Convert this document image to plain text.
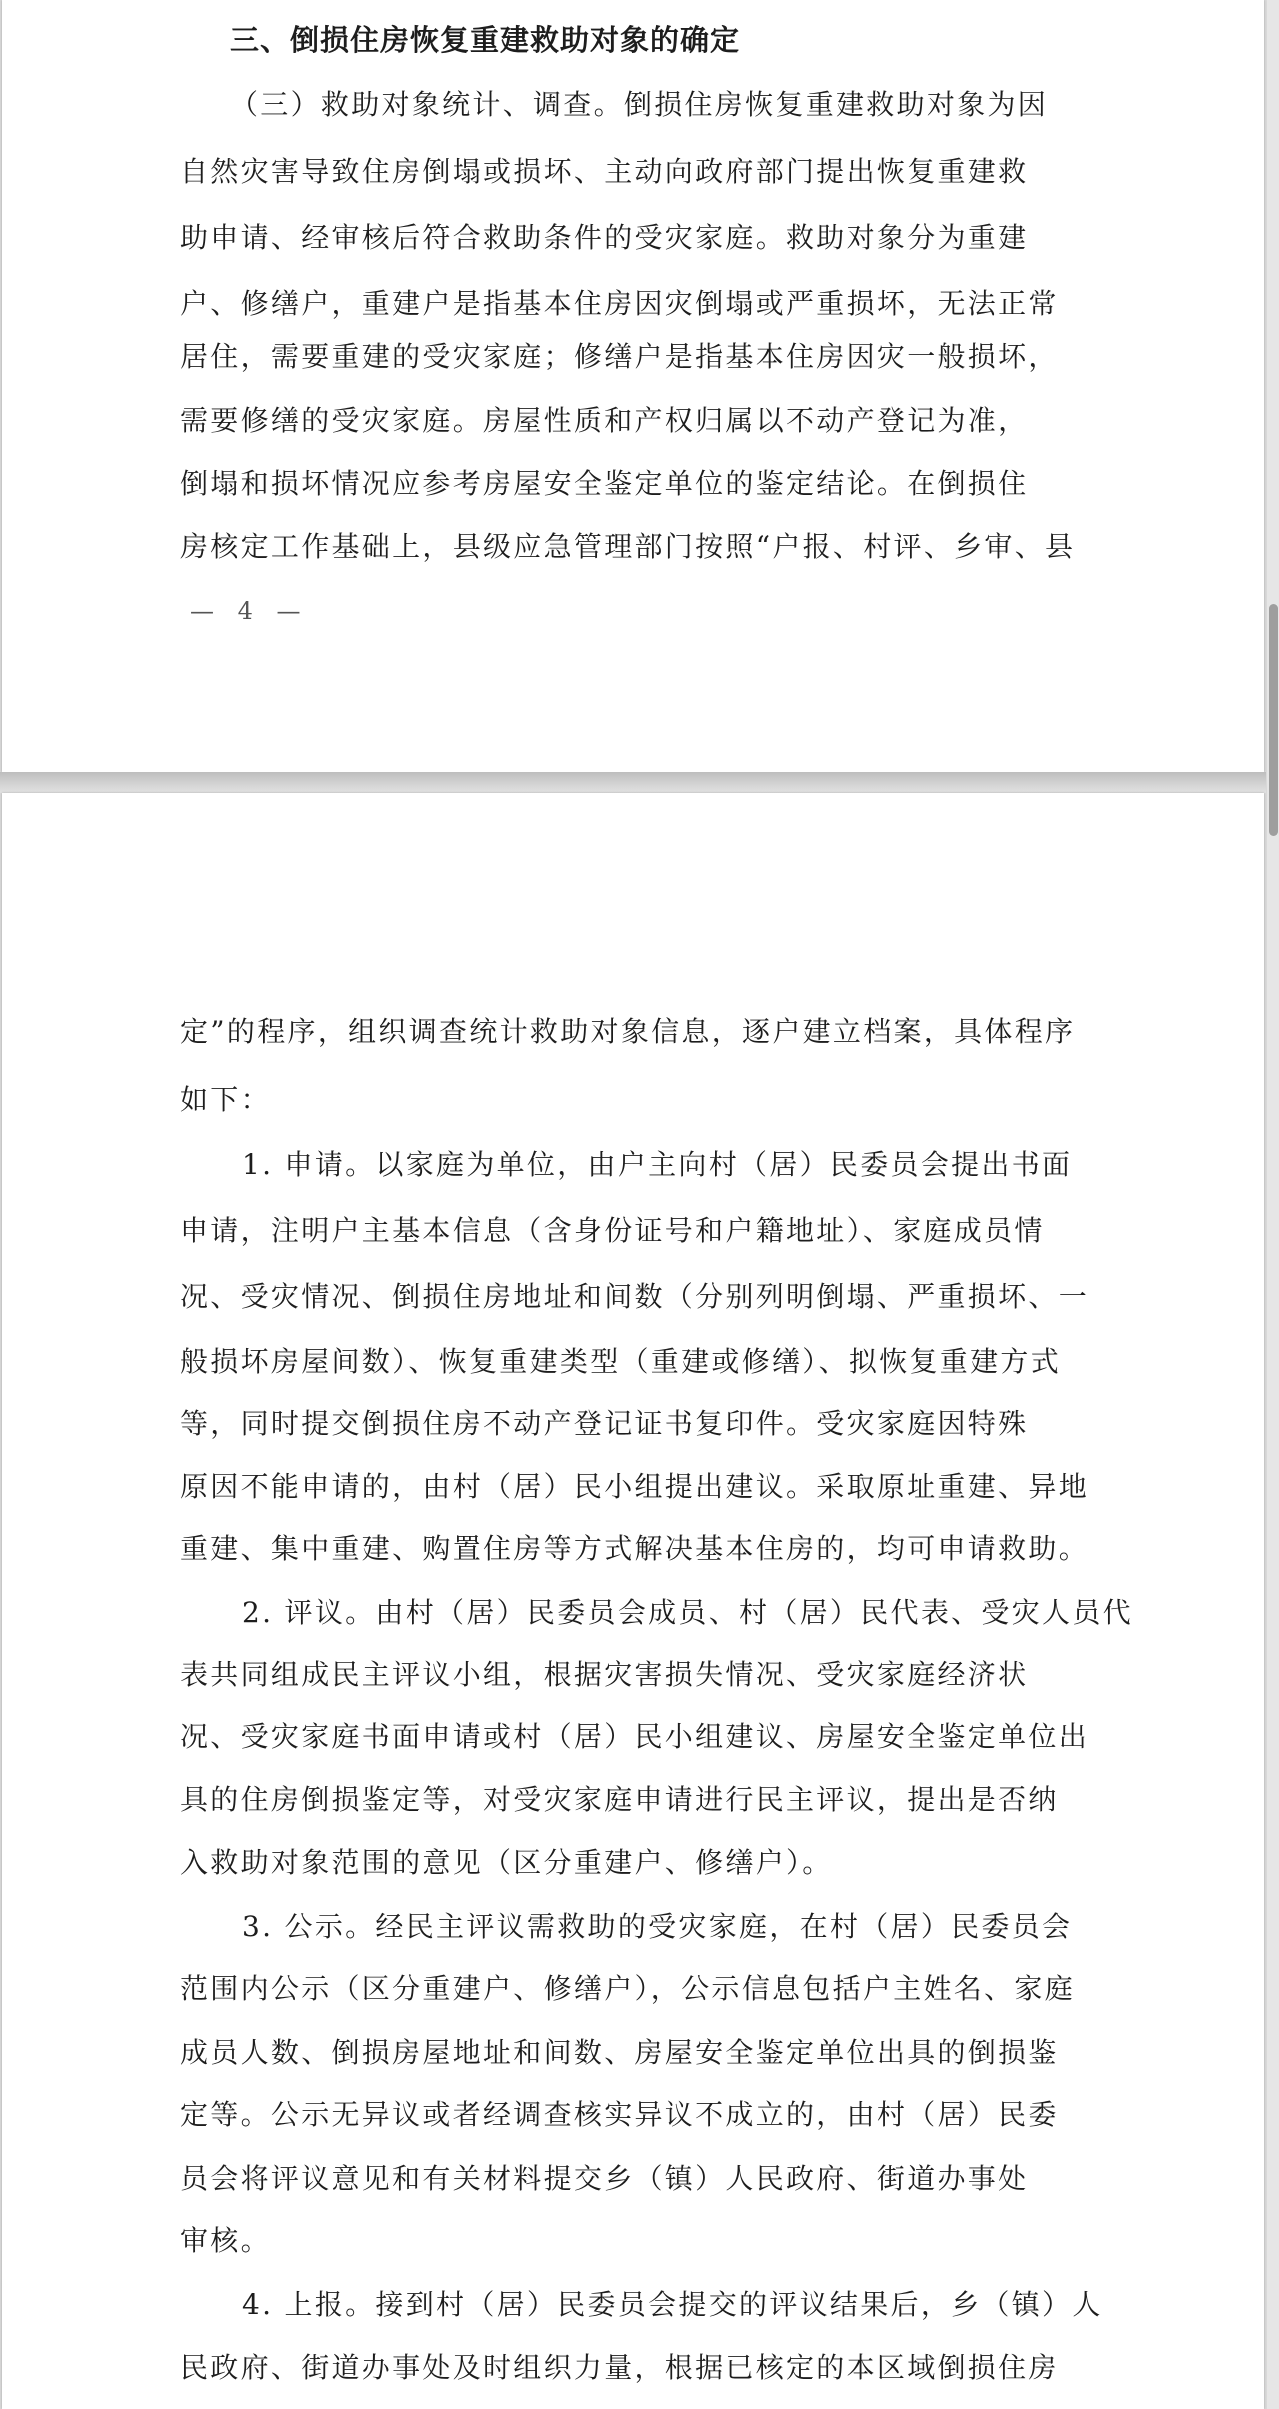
三、倒损住房恢复重建救助对象的确定
（三）救助对象统计、调查。倒损住房恢复重建救助对象为因
自然灾害导致住房倒塌或损坏、主动向政府部门提出恢复重建救
助申请、经审核后符合救助条件的受灾家庭。救助对象分为重建
户、修缮户，重建户是指基本住房因灾倒塌或严重损坏，无法正常
居住，需要重建的受灾家庭；修缮户是指基本住房因灾一般损坏，
需要修缮的受灾家庭。房屋性质和产权归属以不动产登记为准，
倒塌和损坏情况应参考房屋安全鉴定单位的鉴定结论。在倒损住
房核定工作基础上，县级应急管理部门按照“户报、村评、乡审、县
— 4 —
定”的程序，组织调查统计救助对象信息，逐户建立档案，具体程序
如下：
1. 申请。以家庭为单位，由户主向村（居）民委员会提出书面
申请，注明户主基本信息（含身份证号和户籍地址）、家庭成员情
况、受灾情况、倒损住房地址和间数（分别列明倒塌、严重损坏、一
般损坏房屋间数）、恢复重建类型（重建或修缮）、拟恢复重建方式
等，同时提交倒损住房不动产登记证书复印件。受灾家庭因特殊
原因不能申请的，由村（居）民小组提出建议。采取原址重建、异地
重建、集中重建、购置住房等方式解决基本住房的，均可申请救助。
2. 评议。由村（居）民委员会成员、村（居）民代表、受灾人员代
表共同组成民主评议小组，根据灾害损失情况、受灾家庭经济状
况、受灾家庭书面申请或村（居）民小组建议、房屋安全鉴定单位出
具的住房倒损鉴定等，对受灾家庭申请进行民主评议，提出是否纳
入救助对象范围的意见（区分重建户、修缮户）。
3. 公示。经民主评议需救助的受灾家庭，在村（居）民委员会
范围内公示（区分重建户、修缮户），公示信息包括户主姓名、家庭
成员人数、倒损房屋地址和间数、房屋安全鉴定单位出具的倒损鉴
定等。公示无异议或者经调查核实异议不成立的，由村（居）民委
员会将评议意见和有关材料提交乡（镇）人民政府、街道办事处
审核。
4. 上报。接到村（居）民委员会提交的评议结果后，乡（镇）人
民政府、街道办事处及时组织力量，根据已核定的本区域倒损住房
